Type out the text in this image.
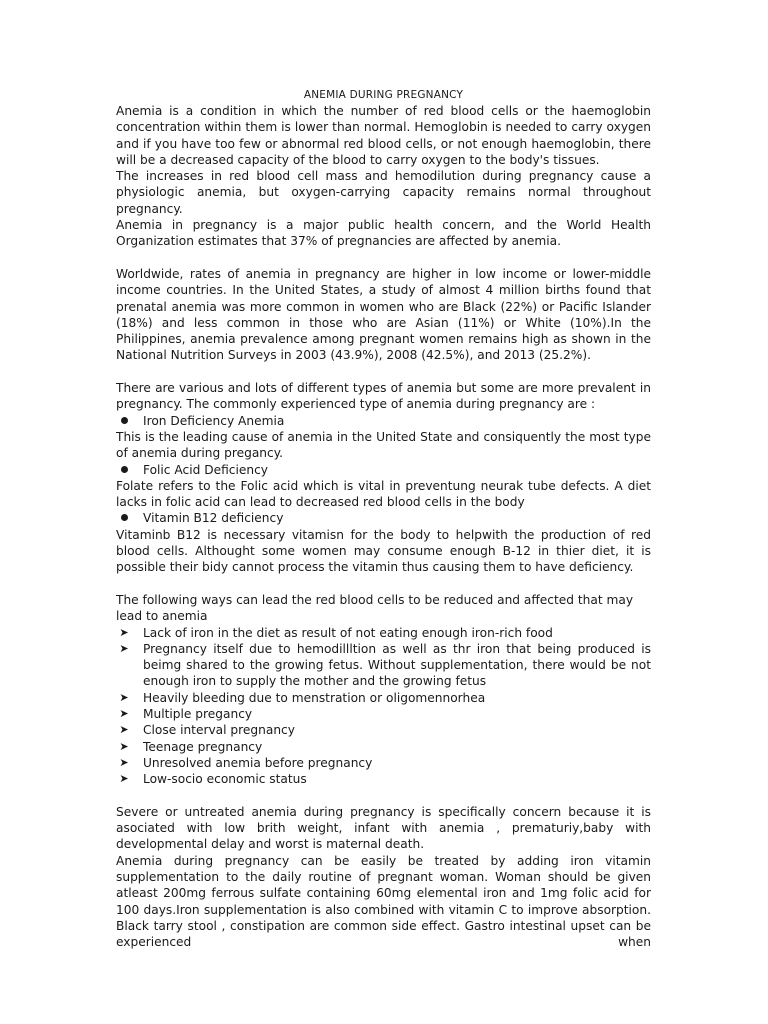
ANEMIA DURING PREGNANCY

Anemia is a condition in which the number of red blood cells or the haemoglobin concentration within them is lower than normal. Hemoglobin is needed to carry oxygen and if you have too few or abnormal red blood cells, or not enough haemoglobin, there will be a decreased capacity of the blood to carry oxygen to the body's tissues.

The increases in red blood cell mass and hemodilution during pregnancy cause a physiologic anemia, but oxygen-carrying capacity remains normal throughout pregnancy.

Anemia in pregnancy is a major public health concern, and the World Health Organization estimates that 37% of pregnancies are affected by anemia.

Worldwide, rates of anemia in pregnancy are higher in low income or lower-middle income countries. In the United States, a study of almost 4 million births found that prenatal anemia was more common in women who are Black (22%) or Pacific Islander (18%) and less common in those who are Asian (11%) or White (10%).In the Philippines, anemia prevalence among pregnant women remains high as shown in the National Nutrition Surveys in 2003 (43.9%), 2008 (42.5%), and 2013 (25.2%).

There are various and lots of different types of anemia but some are more prevalent in pregnancy. The commonly experienced type of anemia during pregnancy are :

Iron Deficiency Anemia

This is the leading cause of anemia in the United State and consiquently the most type of anemia during pregancy.

Folic Acid Deficiency

Folate refers to the Folic acid which is vital in preventung neurak tube defects. A diet lacks in folic acid can lead to decreased red blood cells in the body

Vitamin B12 deficiency

Vitaminb B12 is necessary vitamisn for the body to helpwith the production of red blood cells. Althought some women may consume enough B-12 in thier diet, it is possible their bidy cannot process the vitamin thus causing them to have deficiency.

The following ways can lead the red blood cells to be reduced and affected that may lead to anemia

➤ Lack of iron in the diet as result of not eating enough iron-rich food
➤ Pregnancy itself due to hemodillltion as well as thr iron that being produced is beimg shared to the growing fetus. Without supplementation, there would be not enough iron to supply the mother and the growing fetus
➤ Heavily bleeding due to menstration or oligomennorhea
➤ Multiple pregancy
➤ Close interval pregnancy
➤ Teenage pregnancy
➤ Unresolved anemia before pregnancy
➤ Low-socio economic status

Severe or untreated anemia during pregnancy is specifically concern because it is asociated with low brith weight, infant with anemia , prematuriy,baby with developmental delay and worst is maternal death.

Anemia during pregnancy can be easily be treated by adding iron vitamin supplementation to the daily routine of pregnant woman. Woman should be given atleast 200mg ferrous sulfate containing 60mg elemental iron and 1mg folic acid for 100 days.Iron supplementation is also combined with vitamin C to improve absorption. Black tarry stool , constipation are common side effect. Gastro intestinal upset can be experienced when
